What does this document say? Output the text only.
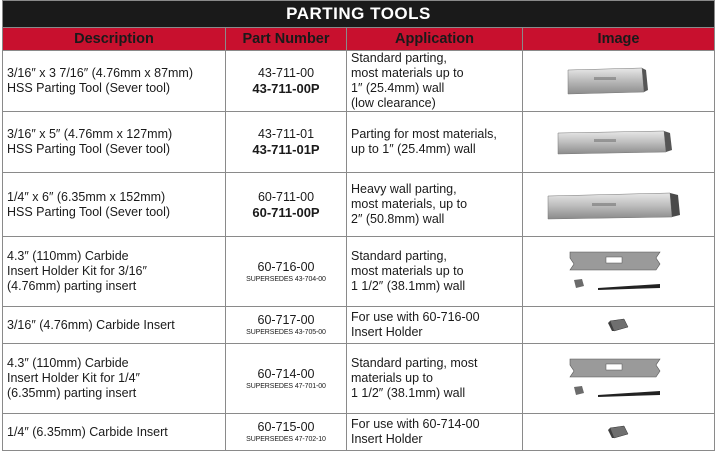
PARTING TOOLS			
Description	Part Number	Application	Image

3/16″ x 3 7/16″ (4.76mm x 87mm)
HSS Parting Tool (Sever tool)	43-711-00
43-711-00P	Standard parting,
most materials up to
1″ (25.4mm) wall
(low clearance)

3/16″ x 5″ (4.76mm x 127mm)
HSS Parting Tool (Sever tool)	43-711-01
43-711-01P	Parting for most materials,
up to 1″ (25.4mm) wall

1/4″ x 6″ (6.35mm x 152mm)
HSS Parting Tool (Sever tool)	60-711-00
60-711-00P	Heavy wall parting,
most materials, up to
2″ (50.8mm) wall

4.3″ (110mm) Carbide
Insert Holder Kit for 3/16″
(4.76mm) parting insert	60-716-00
SUPERSEDES 43-704-00	Standard parting,
most materials up to
1 1/2″ (38.1mm) wall

3/16″ (4.76mm) Carbide Insert	60-717-00
SUPERSEDES 43-705-00	For use with 60-716-00
Insert Holder

4.3″ (110mm) Carbide
Insert Holder Kit for 1/4″
(6.35mm) parting insert	60-714-00
SUPERSEDES 47-701-00	Standard parting, most
materials up to
1 1/2″ (38.1mm) wall

1/4″ (6.35mm) Carbide Insert	60-715-00
SUPERSEDES 47-702-10	For use with 60-714-00
Insert Holder
